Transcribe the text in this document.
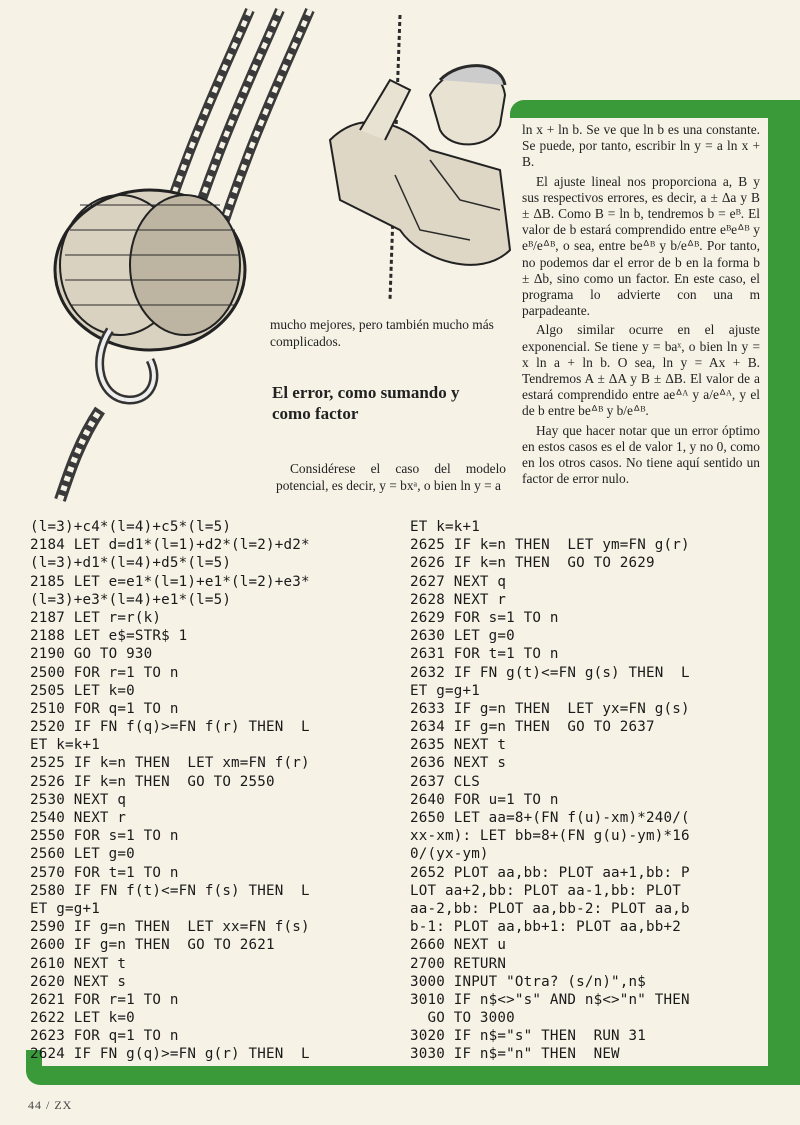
ln x + ln b. Se ve que ln b es una constante. Se puede, por tanto, escribir ln y = a ln x + B.

El ajuste lineal nos proporciona a, B y sus respectivos errores, es decir, a ± Δa y B ± ΔB. Como B = ln b, tendremos b = eᴮ. El valor de b estará comprendido entre eᴮeᐞᴮ y eᴮ/eᐞᴮ, o sea, entre beᐞᴮ y b/eᐞᴮ. Por tanto, no podemos dar el error de b en la forma b ± Δb, sino como un factor. En este caso, el programa lo advierte con una m parpadeante.

Algo similar ocurre en el ajuste exponencial. Se tiene y = baˣ, o bien ln y = x ln a + ln b. O sea, ln y = Ax + B. Tendremos A ± ΔA y B ± ΔB. El valor de a estará comprendido entre aeᐞᴬ y a/eᐞᴬ, y el de b entre beᐞᴮ y b/eᐞᴮ.

Hay que hacer notar que un error óptimo en estos casos es el de valor 1, y no 0, como en los otros casos. No tiene aquí sentido un factor de error nulo.

mucho mejores, pero también mucho más complicados.
El error, como sumando y como factor
Considérese el caso del modelo potencial, es decir, y = bxᵃ, o bien ln y = a
(l=3)+c4*(l=4)+c5*(l=5)
2184 LET d=d1*(l=1)+d2*(l=2)+d2*
(l=3)+d1*(l=4)+d5*(l=5)
2185 LET e=e1*(l=1)+e1*(l=2)+e3*
(l=3)+e3*(l=4)+e1*(l=5)
2187 LET r=r(k)
2188 LET e$=STR$ 1
2190 GO TO 930
2500 FOR r=1 TO n
2505 LET k=0
2510 FOR q=1 TO n
2520 IF FN f(q)>=FN f(r) THEN  L
ET k=k+1
2525 IF k=n THEN  LET xm=FN f(r)
2526 IF k=n THEN  GO TO 2550
2530 NEXT q
2540 NEXT r
2550 FOR s=1 TO n
2560 LET g=0
2570 FOR t=1 TO n
2580 IF FN f(t)<=FN f(s) THEN  L
ET g=g+1
2590 IF g=n THEN  LET xx=FN f(s)
2600 IF g=n THEN  GO TO 2621
2610 NEXT t
2620 NEXT s
2621 FOR r=1 TO n
2622 LET k=0
2623 FOR q=1 TO n
2624 IF FN g(q)>=FN g(r) THEN  L
ET k=k+1
2625 IF k=n THEN  LET ym=FN g(r)
2626 IF k=n THEN  GO TO 2629
2627 NEXT q
2628 NEXT r
2629 FOR s=1 TO n
2630 LET g=0
2631 FOR t=1 TO n
2632 IF FN g(t)<=FN g(s) THEN  L
ET g=g+1
2633 IF g=n THEN  LET yx=FN g(s)
2634 IF g=n THEN  GO TO 2637
2635 NEXT t
2636 NEXT s
2637 CLS
2640 FOR u=1 TO n
2650 LET aa=8+(FN f(u)-xm)*240/(
xx-xm): LET bb=8+(FN g(u)-ym)*16
0/(yx-ym)
2652 PLOT aa,bb: PLOT aa+1,bb: P
LOT aa+2,bb: PLOT aa-1,bb: PLOT
aa-2,bb: PLOT aa,bb-2: PLOT aa,b
b-1: PLOT aa,bb+1: PLOT aa,bb+2
2660 NEXT u
2700 RETURN
3000 INPUT "Otra? (s/n)",n$
3010 IF n$<>"s" AND n$<>"n" THEN
GO TO 3000
3020 IF n$="s" THEN  RUN 31
3030 IF n$="n" THEN  NEW
44 / ZX
